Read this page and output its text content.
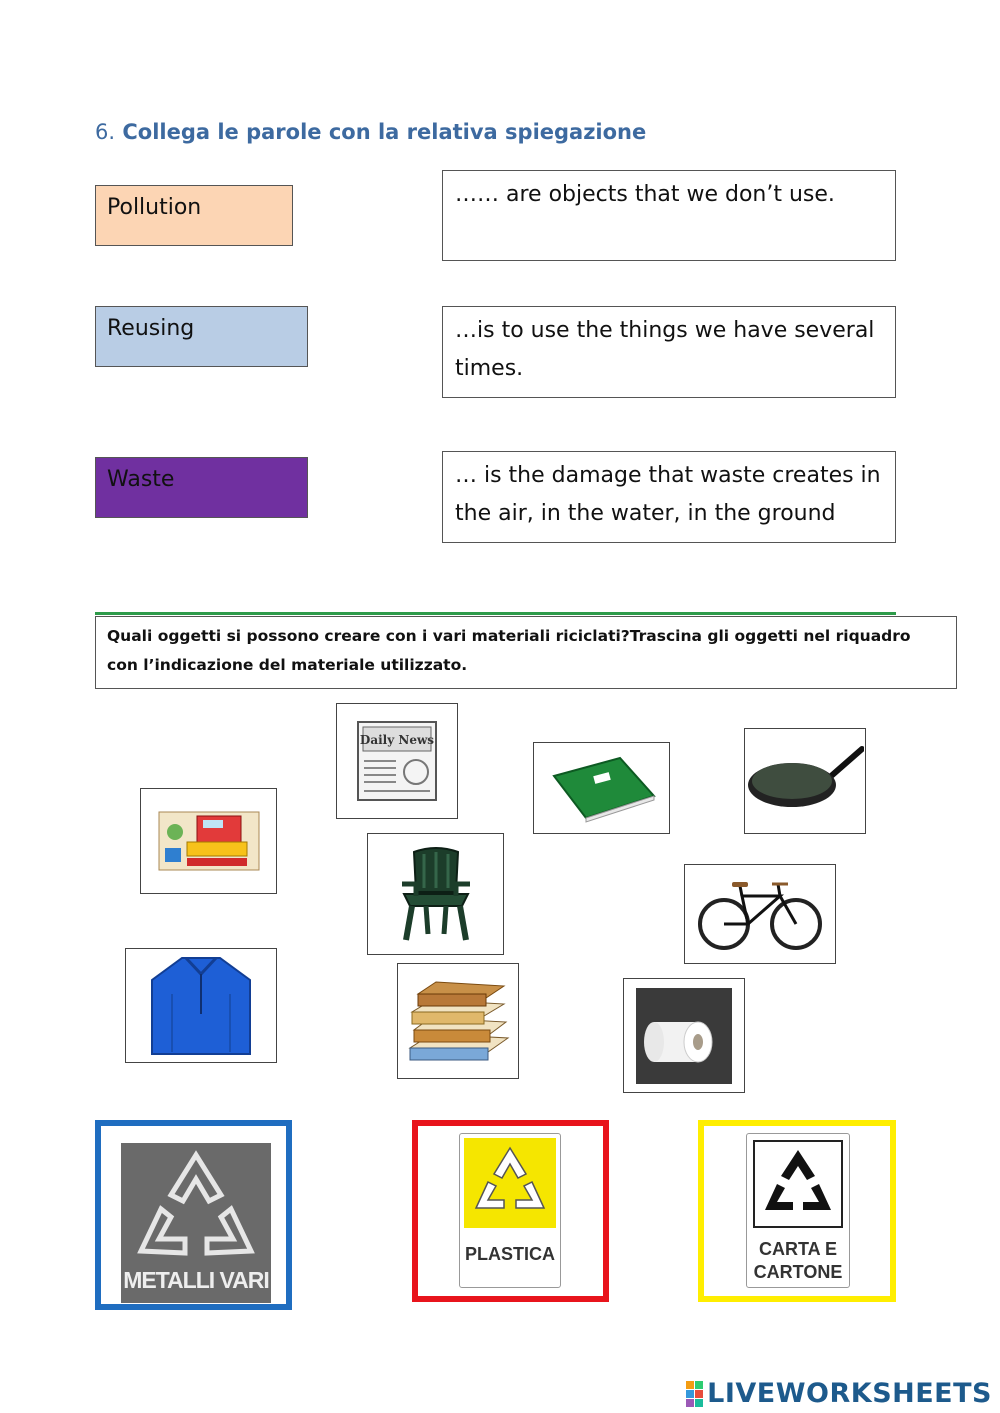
6. Collega le parole con la relativa spiegazione
Pollution
Reusing
Waste
…… are objects that we don’t use.
…is to use the things we have several times.
… is the damage that waste creates in the air, in the water, in the ground
Quali oggetti si possono creare con i vari materiali riciclati?Trascina gli oggetti nel riquadro con l’indicazione del materiale utilizzato.
Daily News
METALLI VARI
PLASTICA	CARTA E
CARTONE
LIVEWORKSHEETS
